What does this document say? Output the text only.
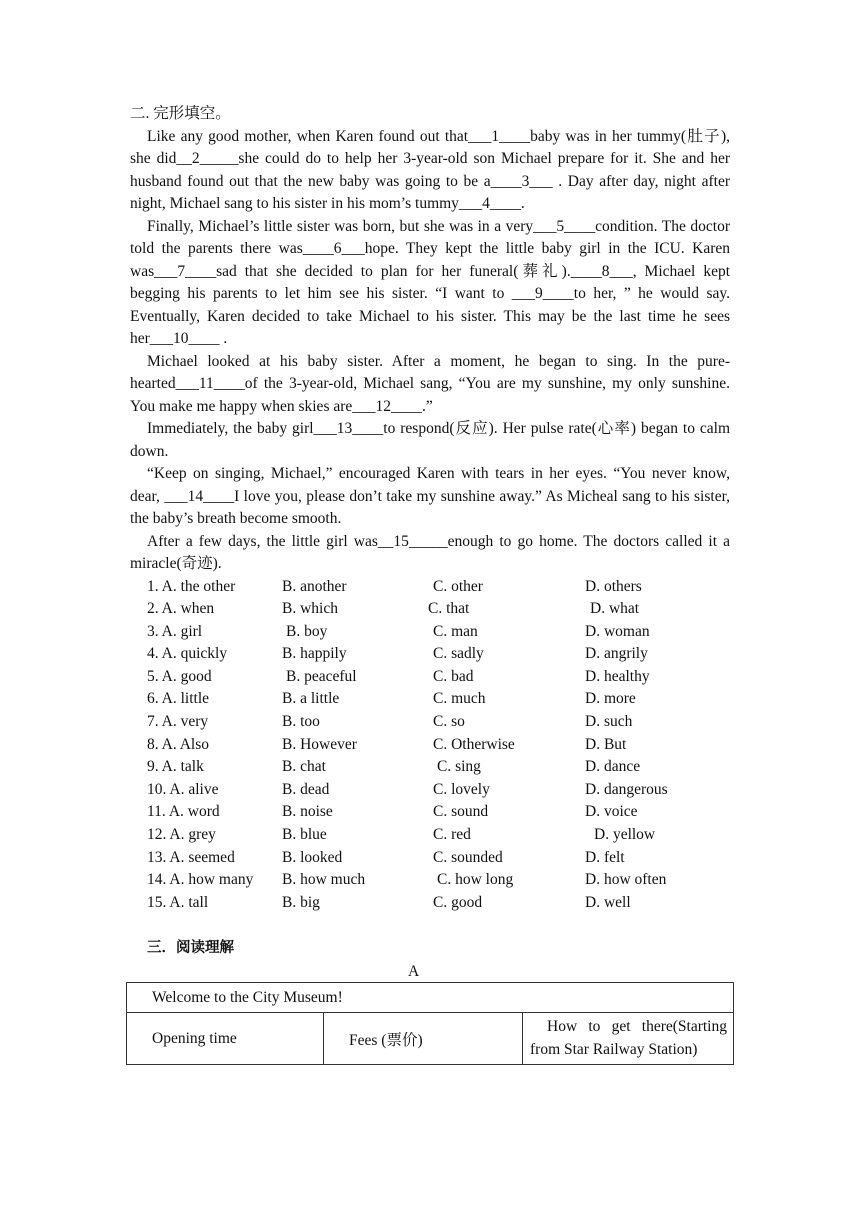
二. 完形填空。

Like any good mother, when Karen found out that___1____baby was in her tummy(肚子), she did__2_____she could do to help her 3-year-old son Michael prepare for it. She and her husband found out that the new baby was going to be a____3___ . Day after day, night after night, Michael sang to his sister in his mom’s tummy___4____.

Finally, Michael’s little sister was born, but she was in a very___5____condition. The doctor told the parents there was____6___hope. They kept the little baby girl in the ICU. Karen was___7____sad that she decided to plan for her funeral(葬礼).____8___, Michael kept begging his parents to let him see his sister. “I want to ___9____to her, ” he would say. Eventually, Karen decided to take Michael to his sister. This may be the last time he sees her___10____ .

Michael looked at his baby sister. After a moment, he began to sing. In the pure-hearted___11____of the 3-year-old, Michael sang, “You are my sunshine, my only sunshine. You make me happy when skies are___12____.”

Immediately, the baby girl___13____to respond(反应). Her pulse rate(心率) began to calm down.

“Keep on singing, Michael,” encouraged Karen with tears in her eyes. “You never know, dear, ___14____I love you, please don’t take my sunshine away.” As Micheal sang to his sister, the baby’s breath become smooth.

After a few days, the little girl was__15_____enough to go home. The doctors called it a miracle(奇迹).

1. A. the other	B. another	C. other	D. others
2. A. when	B. which	C. that	D. what
3. A. girl	B. boy	C. man	D. woman
4. A. quickly	B. happily	C. sadly	D. angrily
5. A. good	B. peaceful	C. bad	D. healthy
6. A. little	B. a little	C. much	D. more
7. A. very	B. too	C. so	D. such
8. A. Also	B. However	C. Otherwise	D. But
9. A. talk	B. chat	C. sing	D. dance
10. A. alive	B. dead	C. lovely	D. dangerous
11. A. word	B. noise	C. sound	D. voice
12. A. grey	B. blue	C. red	D. yellow
13. A. seemed	B. looked	C. sounded	D. felt
14. A. how many B. how much	C. how long	D. how often
15. A. tall	B. big	C. good	D. well
三．阅读理解
A
Welcome to the City Museum!
Opening time	Fees (票价)	How to get there(Starting from Star Railway Station)
